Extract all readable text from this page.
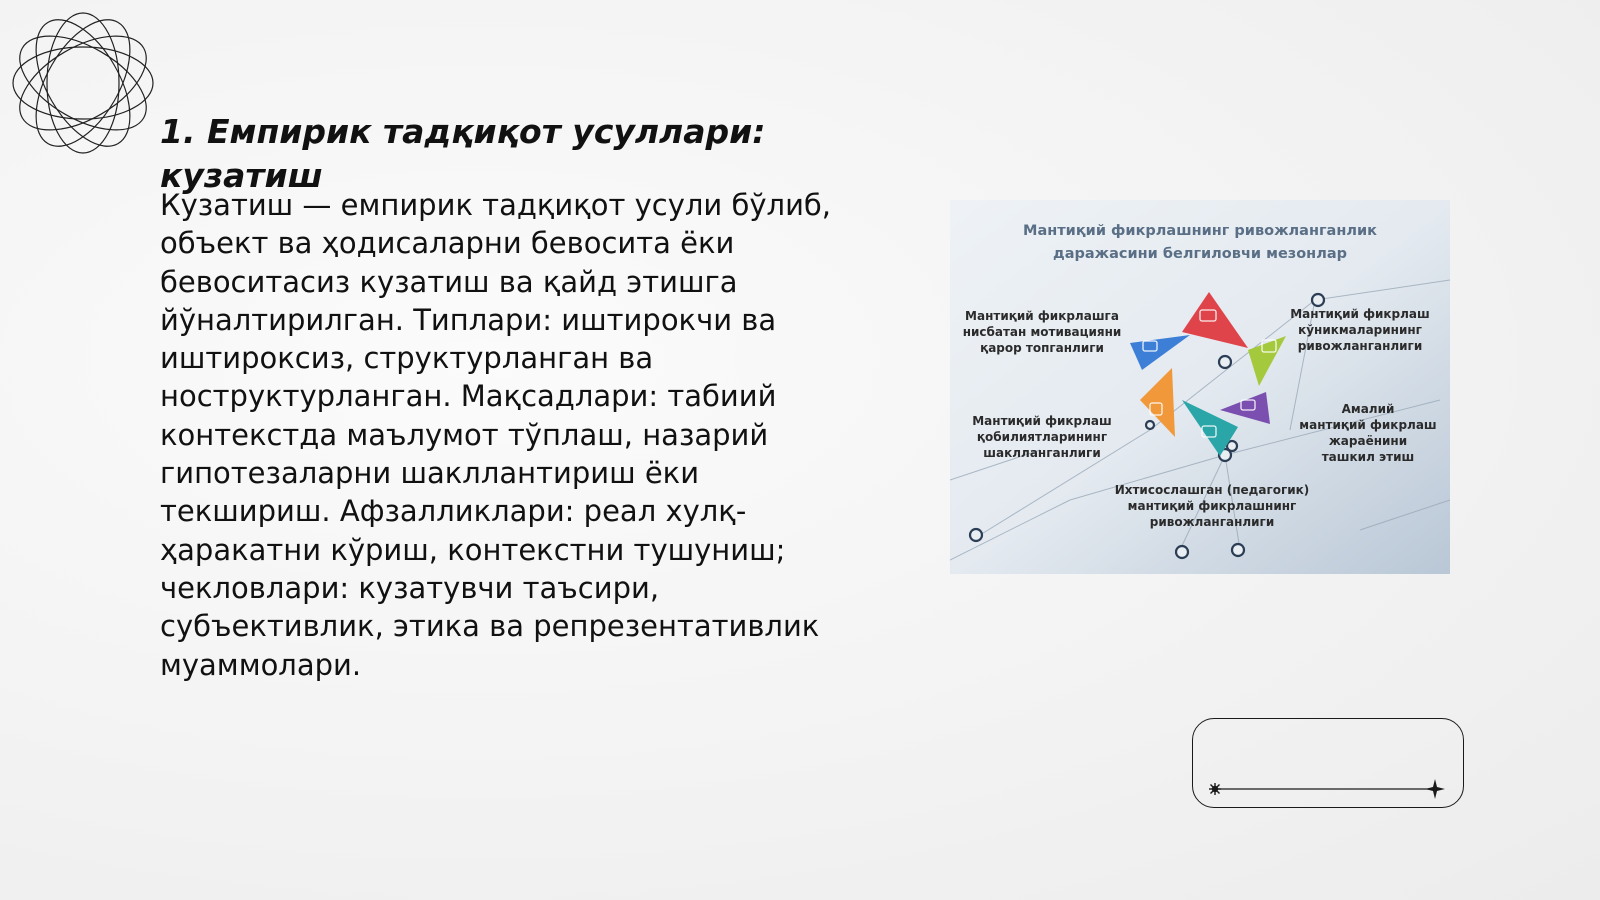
1. Емпирик тадқиқот усуллари: кузатиш

Кузатиш — емпирик тадқиқот усули бўлиб, объект ва ҳодисаларни бевосита ёки бевоситасиз кузатиш ва қайд этишга йўналтирилган. Типлари: иштирокчи ва иштироксиз, структурланган ва ноструктурланган. Мақсадлари: табиий контекстда маълумот тўплаш, назарий гипотезаларни шакллантириш ёки текшириш. Афзалликлари: реал хулқ-ҳаракатни кўриш, контекстни тушуниш; чекловлари: кузатувчи таъсири, субъективлик, этика ва репрезентативлик муаммолари.

Мантиқий фикрлашнинг ривожланганлик
даражасини белгиловчи мезонлар
Мантиқий фикрлашга
нисбатан мотивацияни
қарор топганлиги
Мантиқий фикрлаш
кўникмаларининг
ривожланганлиги
Мантиқий фикрлаш
қобилиятларининг
шаклланганлиги
Амалий
мантиқий фикрлаш
жараёнини
ташкил этиш
Ихтисослашган (педагогик)
мантиқий фикрлашнинг
ривожланганлиги
